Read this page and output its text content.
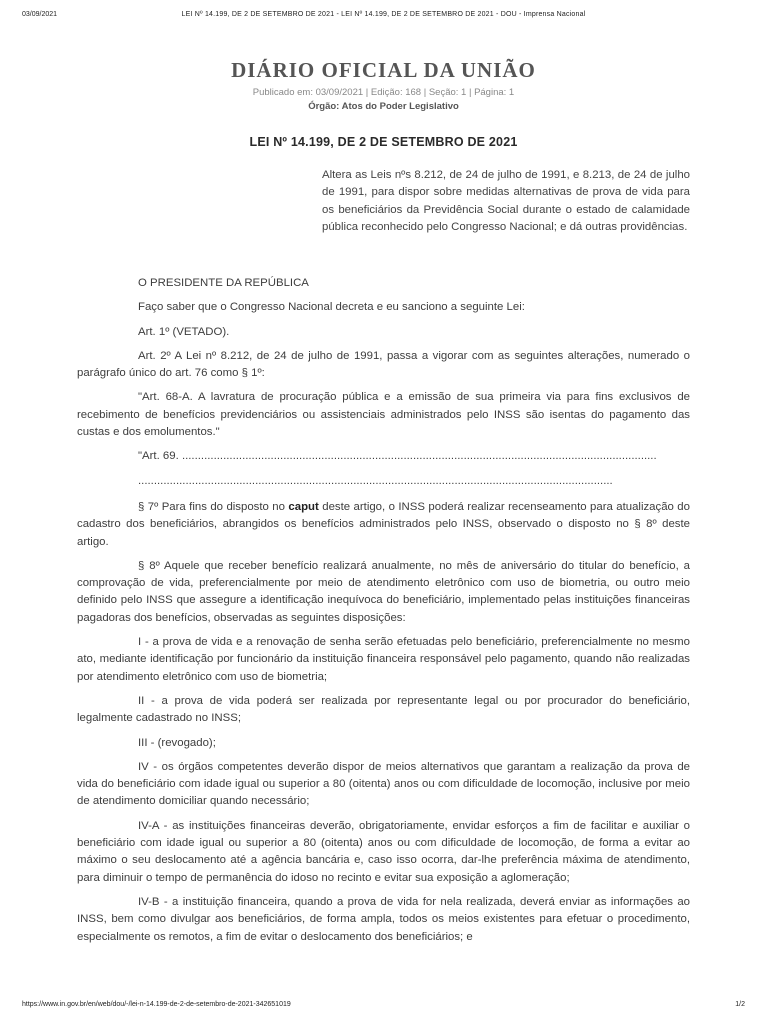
03/09/2021	LEI Nº 14.199, DE 2 DE SETEMBRO DE 2021 - LEI Nº 14.199, DE 2 DE SETEMBRO DE 2021 - DOU - Imprensa Nacional
DIÁRIO OFICIAL DA UNIÃO
Publicado em: 03/09/2021 | Edição: 168 | Seção: 1 | Página: 1
Órgão: Atos do Poder Legislativo
LEI Nº 14.199, DE 2 DE SETEMBRO DE 2021
Altera as Leis nºs 8.212, de 24 de julho de 1991, e 8.213, de 24 de julho de 1991, para dispor sobre medidas alternativas de prova de vida para os beneficiários da Previdência Social durante o estado de calamidade pública reconhecido pelo Congresso Nacional; e dá outras providências.

O PRESIDENTE DA REPÚBLICA

Faço saber que o Congresso Nacional decreta e eu sanciono a seguinte Lei:

Art. 1º (VETADO).

Art. 2º A Lei nº 8.212, de 24 de julho de 1991, passa a vigorar com as seguintes alterações, numerado o parágrafo único do art. 76 como § 1º:

"Art. 68-A. A lavratura de procuração pública e a emissão de sua primeira via para fins exclusivos de recebimento de benefícios previdenciários ou assistenciais administrados pelo INSS são isentas do pagamento das custas e dos emolumentos."

"Art. 69. ......................................................................................................................................................

......................................................................................................................................................

§ 7º Para fins do disposto no caput deste artigo, o INSS poderá realizar recenseamento para atualização do cadastro dos beneficiários, abrangidos os benefícios administrados pelo INSS, observado o disposto no § 8º deste artigo.

§ 8º Aquele que receber benefício realizará anualmente, no mês de aniversário do titular do benefício, a comprovação de vida, preferencialmente por meio de atendimento eletrônico com uso de biometria, ou outro meio definido pelo INSS que assegure a identificação inequívoca do beneficiário, implementado pelas instituições financeiras pagadoras dos benefícios, observadas as seguintes disposições:

I - a prova de vida e a renovação de senha serão efetuadas pelo beneficiário, preferencialmente no mesmo ato, mediante identificação por funcionário da instituição financeira responsável pelo pagamento, quando não realizadas por atendimento eletrônico com uso de biometria;

II - a prova de vida poderá ser realizada por representante legal ou por procurador do beneficiário, legalmente cadastrado no INSS;

III - (revogado);

IV - os órgãos competentes deverão dispor de meios alternativos que garantam a realização da prova de vida do beneficiário com idade igual ou superior a 80 (oitenta) anos ou com dificuldade de locomoção, inclusive por meio de atendimento domiciliar quando necessário;

IV-A - as instituições financeiras deverão, obrigatoriamente, envidar esforços a fim de facilitar e auxiliar o beneficiário com idade igual ou superior a 80 (oitenta) anos ou com dificuldade de locomoção, de forma a evitar ao máximo o seu deslocamento até a agência bancária e, caso isso ocorra, dar-lhe preferência máxima de atendimento, para diminuir o tempo de permanência do idoso no recinto e evitar sua exposição a aglomeração;

IV-B - a instituição financeira, quando a prova de vida for nela realizada, deverá enviar as informações ao INSS, bem como divulgar aos beneficiários, de forma ampla, todos os meios existentes para efetuar o procedimento, especialmente os remotos, a fim de evitar o deslocamento dos beneficiários; e

https://www.in.gov.br/en/web/dou/-/lei-n-14.199-de-2-de-setembro-de-2021-342651019	1/2
